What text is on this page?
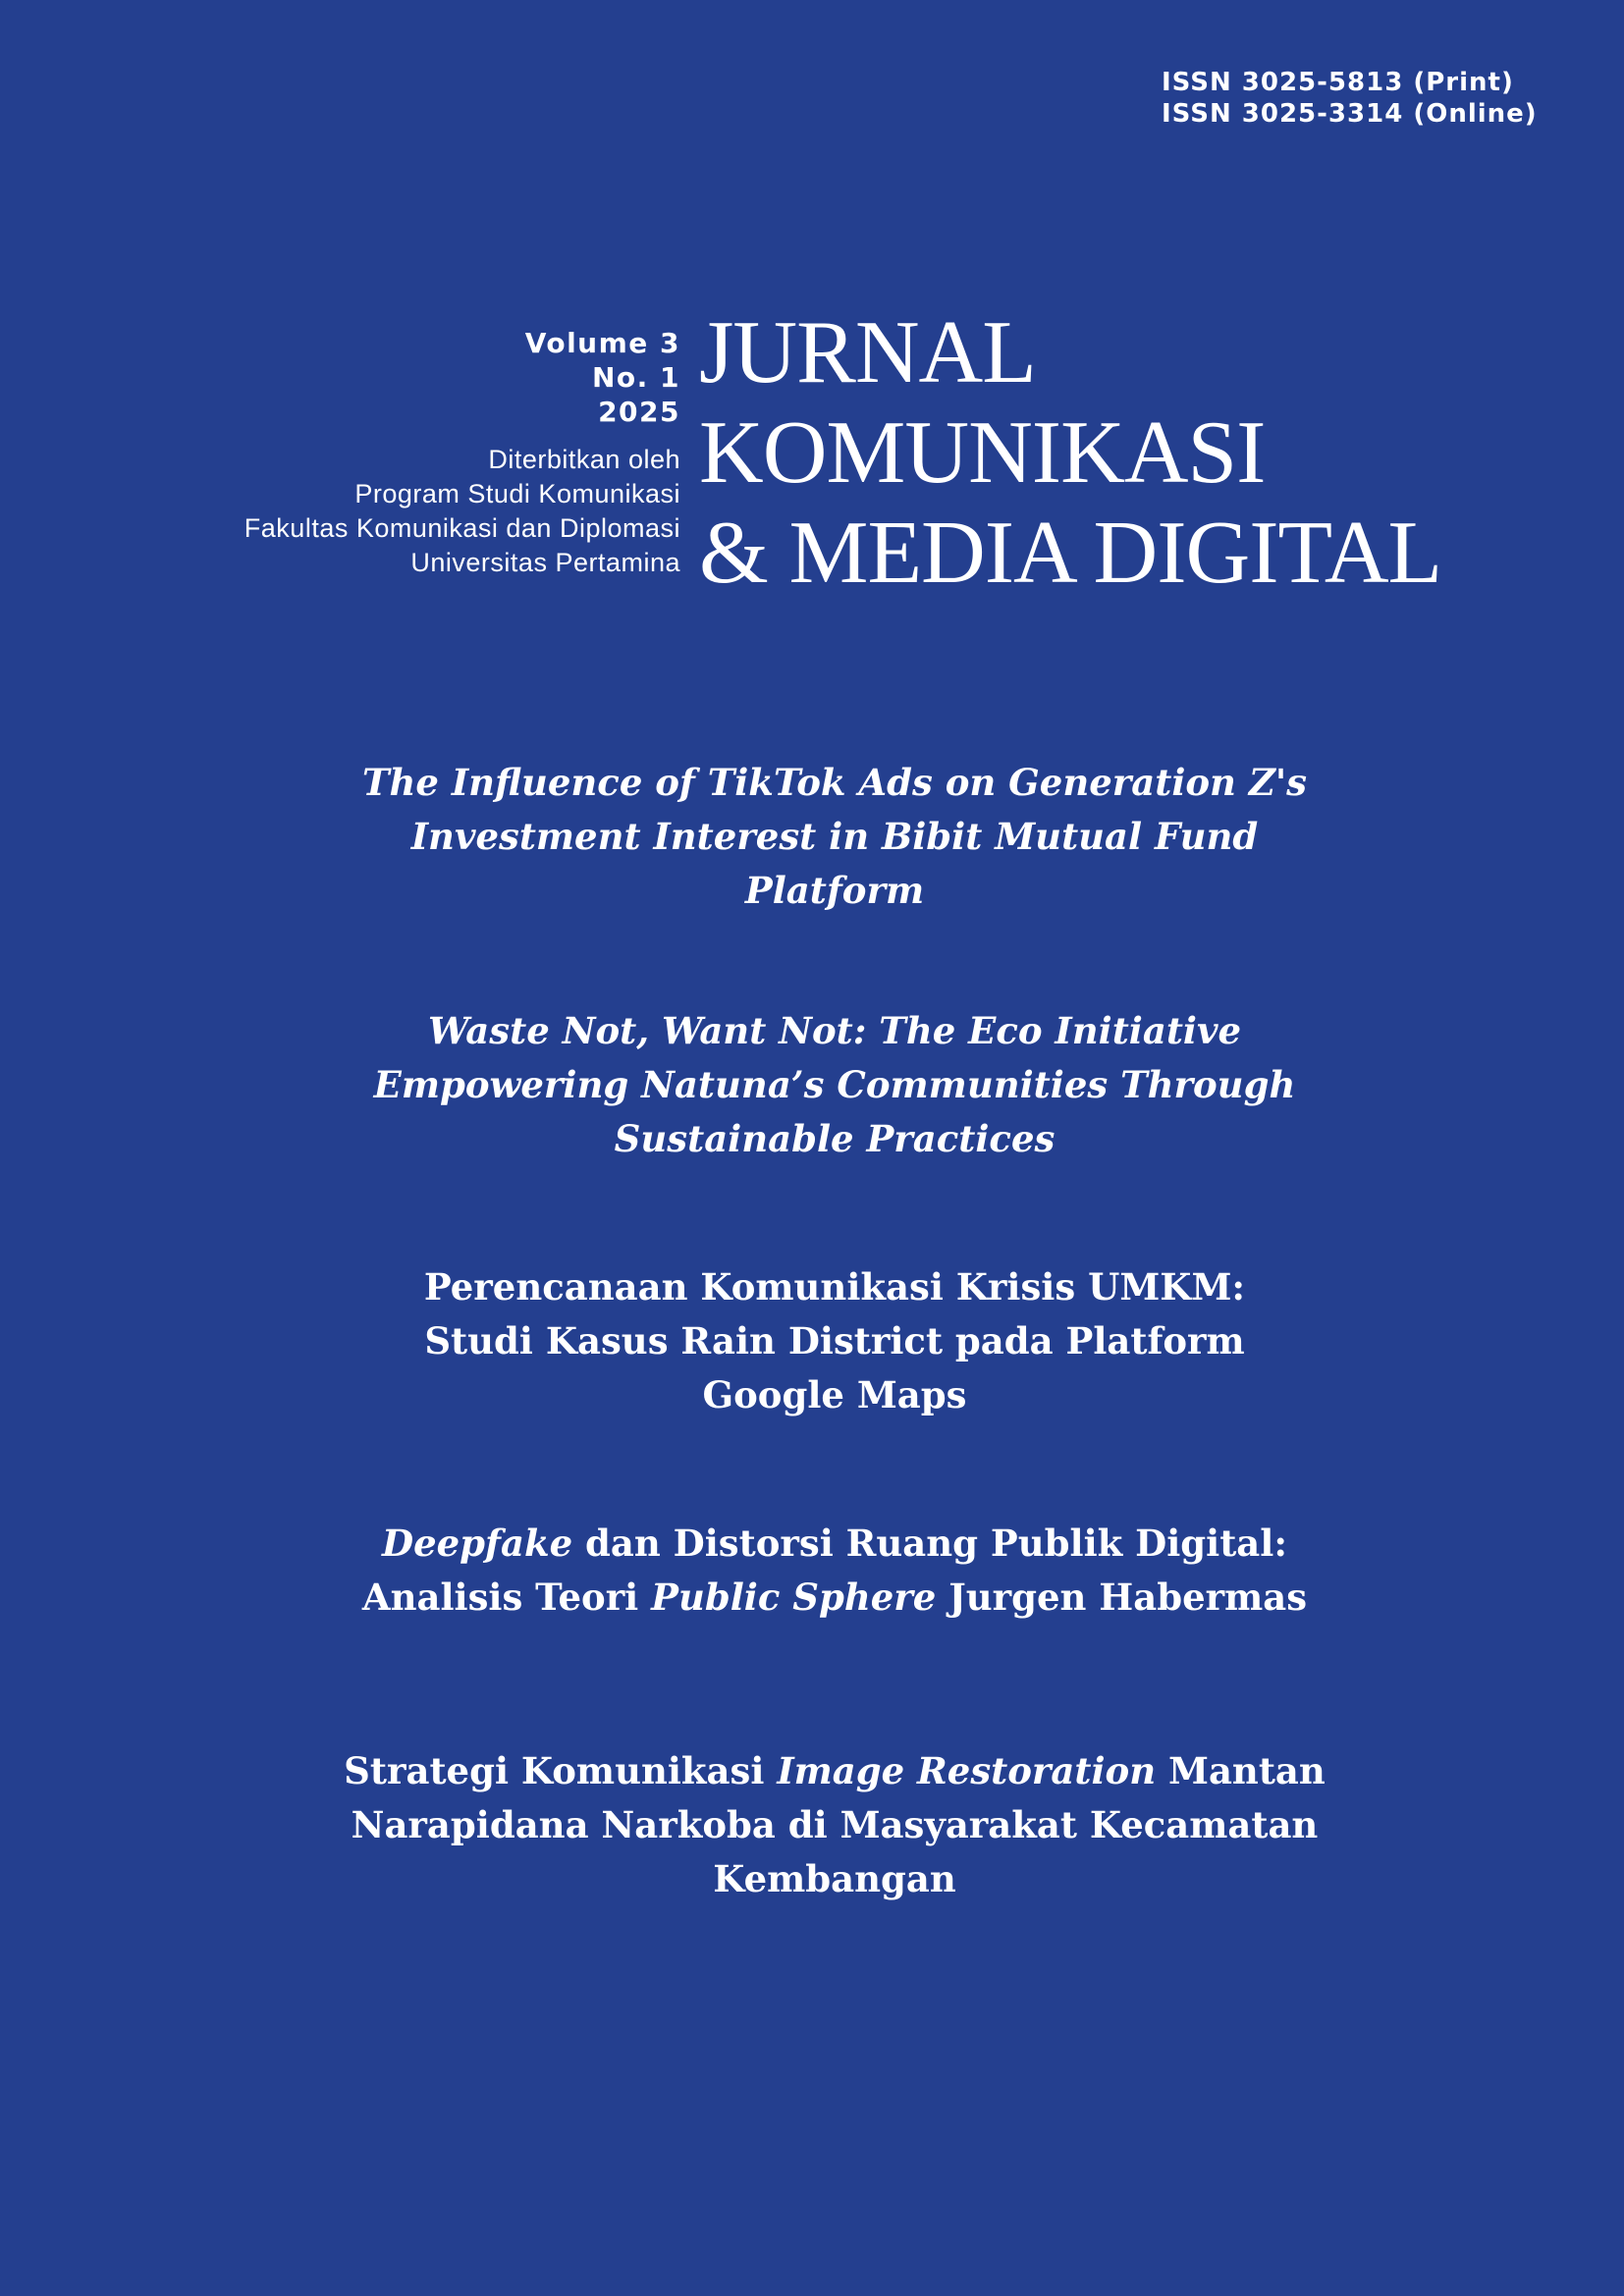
ISSN 3025-5813 (Print)
ISSN 3025-3314 (Online)
Volume 3
No. 1
2025
Diterbitkan oleh
Program Studi Komunikasi
Fakultas Komunikasi dan Diplomasi
Universitas Pertamina
JURNAL
KOMUNIKASI
& MEDIA DIGITAL
The Influence of TikTok Ads on Generation Z's
Investment Interest in Bibit Mutual Fund
Platform
Waste Not, Want Not: The Eco Initiative
Empowering Natuna’s Communities Through
Sustainable Practices
Perencanaan Komunikasi Krisis UMKM:
Studi Kasus Rain District pada Platform
Google Maps
Deepfake dan Distorsi Ruang Publik Digital:
Analisis Teori Public Sphere Jurgen Habermas
Strategi Komunikasi Image Restoration Mantan
Narapidana Narkoba di Masyarakat Kecamatan
Kembangan
